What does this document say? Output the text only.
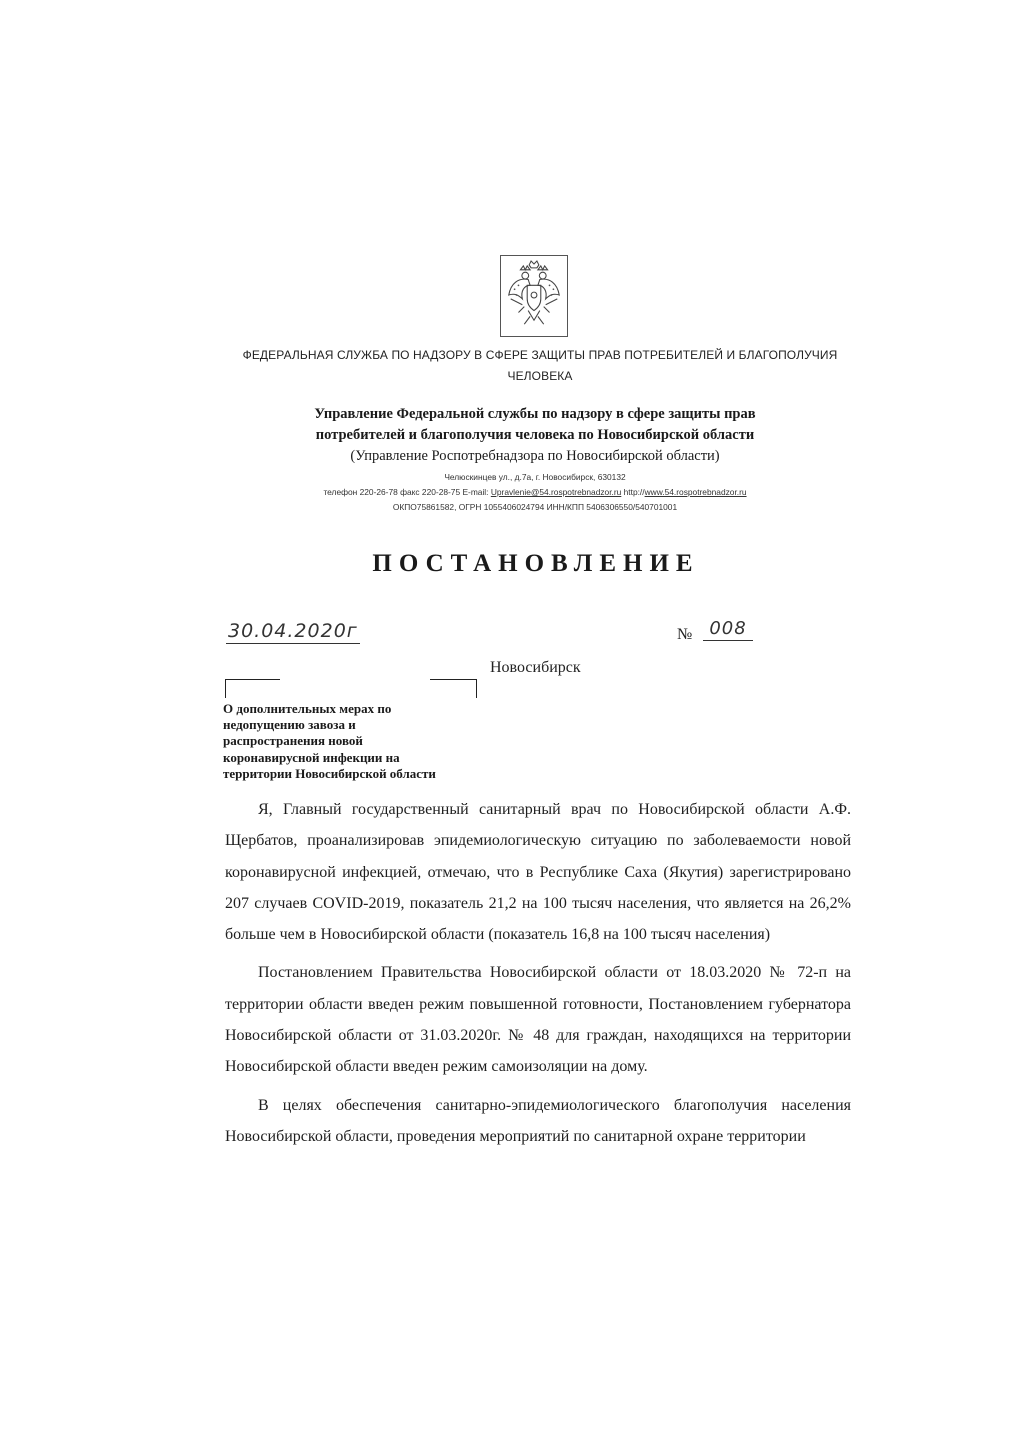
ФЕДЕРАЛЬНАЯ СЛУЖБА ПО НАДЗОРУ В СФЕРЕ ЗАЩИТЫ ПРАВ ПОТРЕБИТЕЛЕЙ И БЛАГОПОЛУЧИЯ
ЧЕЛОВЕКА
Управление Федеральной службы по надзору в сфере защиты прав
потребителей и благополучия человека по Новосибирской области
(Управление Роспотребнадзора по Новосибирской области)
Челюскинцев ул., д.7а, г. Новосибирск, 630132
телефон 220-26-78 факс 220-28-75 E-mail: Upravlenie@54.rospotrebnadzor.ru http://www.54.rospotrebnadzor.ru
ОКПО75861582, ОГРН 1055406024794 ИНН/КПП 5406306550/540701001
ПОСТАНОВЛЕНИЕ
30.04.2020г	№ 008
Новосибирск
О дополнительных мерах по
недопущению завоза и
распространения новой
коронавирусной инфекции на
территории Новосибирской области

Я, Главный государственный санитарный врач по Новосибирской области А.Ф. Щербатов, проанализировав эпидемиологическую ситуацию по заболеваемости новой коронавирусной инфекцией, отмечаю, что в Республике Саха (Якутия) зарегистрировано 207 случаев COVID-2019, показатель 21,2 на 100 тысяч населения, что является на 26,2% больше чем в Новосибирской области (показатель 16,8 на 100 тысяч населения)

Постановлением Правительства Новосибирской области от 18.03.2020 № 72-п на территории области введен режим повышенной готовности, Постановлением губернатора Новосибирской области от 31.03.2020г. № 48 для граждан, находящихся на территории Новосибирской области введен режим самоизоляции на дому.

В целях обеспечения санитарно-эпидемиологического благополучия населения Новосибирской области, проведения мероприятий по санитарной охране территории
